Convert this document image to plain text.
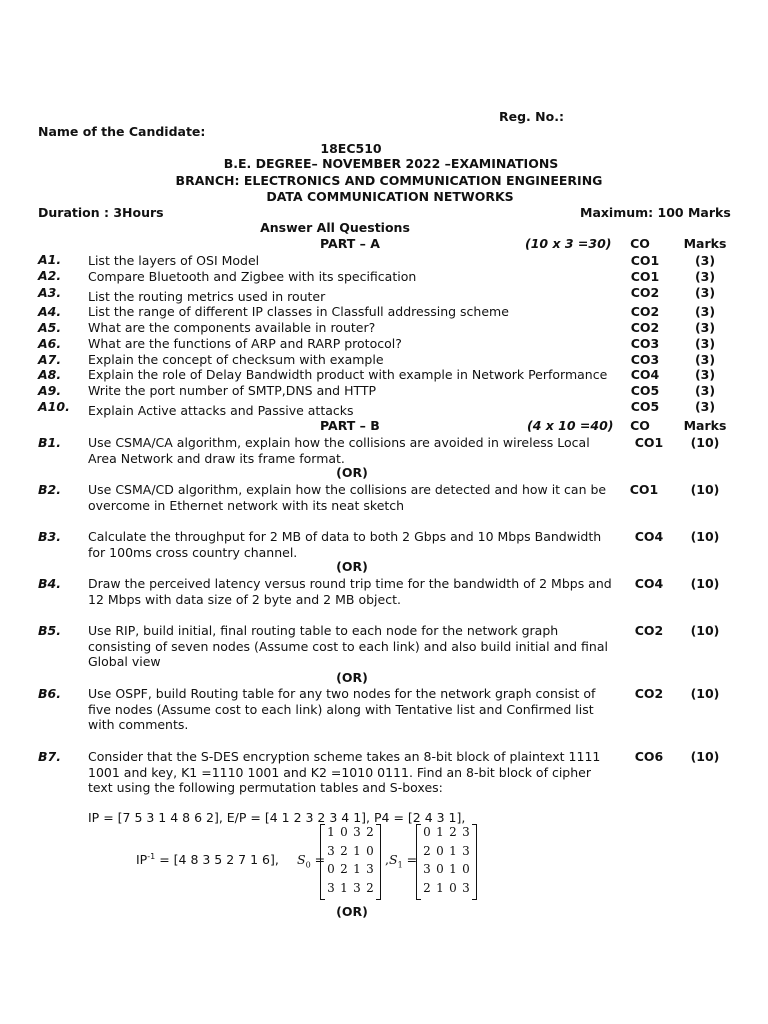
Reg. No.:
Name of the Candidate:
18EC510
B.E. DEGREE– NOVEMBER 2022 –EXAMINATIONS
BRANCH: ELECTRONICS AND COMMUNICATION ENGINEERING
DATA COMMUNICATION NETWORKS
Duration : 3Hours	Maximum: 100 Marks
Answer All Questions
PART – A	(10 x 3 =30)	CO	Marks
A1. List the layers of OSI Model	CO1	(3)
A2. Compare Bluetooth and Zigbee with its specification	CO1	(3)
A3. List the routing metrics used in router	CO2	(3)
A4. List the range of different IP classes in Classfull addressing scheme	CO2	(3)
A5. What are the components available in router?	CO2	(3)
A6. What are the functions of ARP and RARP protocol?	CO3	(3)
A7. Explain the concept of checksum with example	CO3	(3)
A8. Explain the role of Delay Bandwidth product with example in Network Performance	CO4	(3)
A9. Write the port number of SMTP,DNS and HTTP	CO5	(3)
A10. Explain Active attacks and Passive attacks	CO5	(3)
PART – B	(4 x 10 =40)	CO	Marks
B1. Use CSMA/CA algorithm, explain how the collisions are avoided in wireless Local
Area Network and draw its frame format.
CO1	(10)
(OR)
B2. Use CSMA/CD algorithm, explain how the collisions are detected and how it can be
overcome in Ethernet network with its neat sketch
CO1	(10)
B3. Calculate the throughput for 2 MB of data to both 2 Gbps and 10 Mbps Bandwidth
for 100ms cross country channel.
CO4	(10)
(OR)
B4. Draw the perceived latency versus round trip time for the bandwidth of 2 Mbps and
12 Mbps with data size of 2 byte and 2 MB object.
CO4	(10)
B5. Use RIP, build initial, final routing table to each node for the network graph
consisting of seven nodes (Assume cost to each link) and also build initial and final
Global view
CO2	(10)
(OR)
B6. Use OSPF, build Routing table for any two nodes for the network graph consist of
five nodes (Assume cost to each link) along with Tentative list and Confirmed list
with comments.
CO2	(10)
B7. Consider that the S-DES encryption scheme takes an 8-bit block of plaintext 1111
1001 and key, K1 =1110 1001 and K2 =1010 0111. Find an 8-bit block of cipher
text using the following permutation tables and S-boxes:
CO6	(10)
IP = [7 5 3 1 4 8 6 2], E/P = [4 1 2 3 2 3 4 1], P4 = [2 4 3 1],
$IP^{-1} = [4$ 8 3 5 2 7 1 6], $S_0$ =
1 0 3 2
3 2 1 0
0 2 1 3
3 1 3 2
$,S_1$ =
0 1 2 3
2 0 1 3
3 0 1 0
2 1 0 3
(OR)
